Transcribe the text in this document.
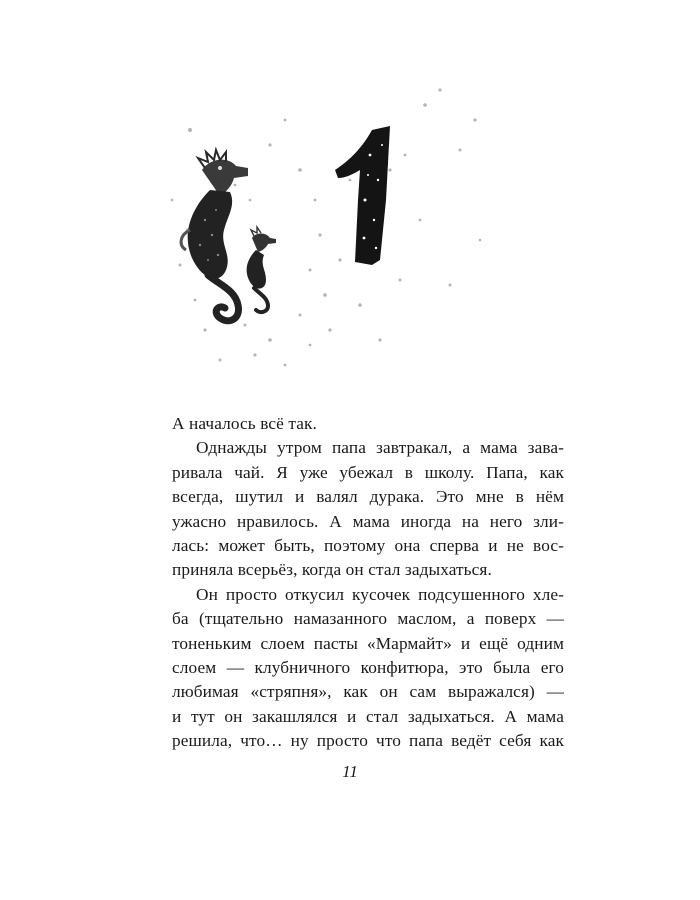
А началось всё так.
Однажды утром папа завтракал, а мама зава-
ривала чай. Я уже убежал в школу. Папа, как
всегда, шутил и валял дурака. Это мне в нём
ужасно нравилось. А мама иногда на него зли-
лась: может быть, поэтому она сперва и не вос-
приняла всерьёз, когда он стал задыхаться.
Он просто откусил кусочек подсушенного хле-
ба (тщательно намазанного маслом, а поверх —
тоненьким слоем пасты «Мармайт» и ещё одним
слоем — клубничного конфитюра, это была его
любимая «стряпня», как он сам выражался) —
и тут он закашлялся и стал задыхаться. А мама
решила, что… ну просто что папа ведёт себя как
11
